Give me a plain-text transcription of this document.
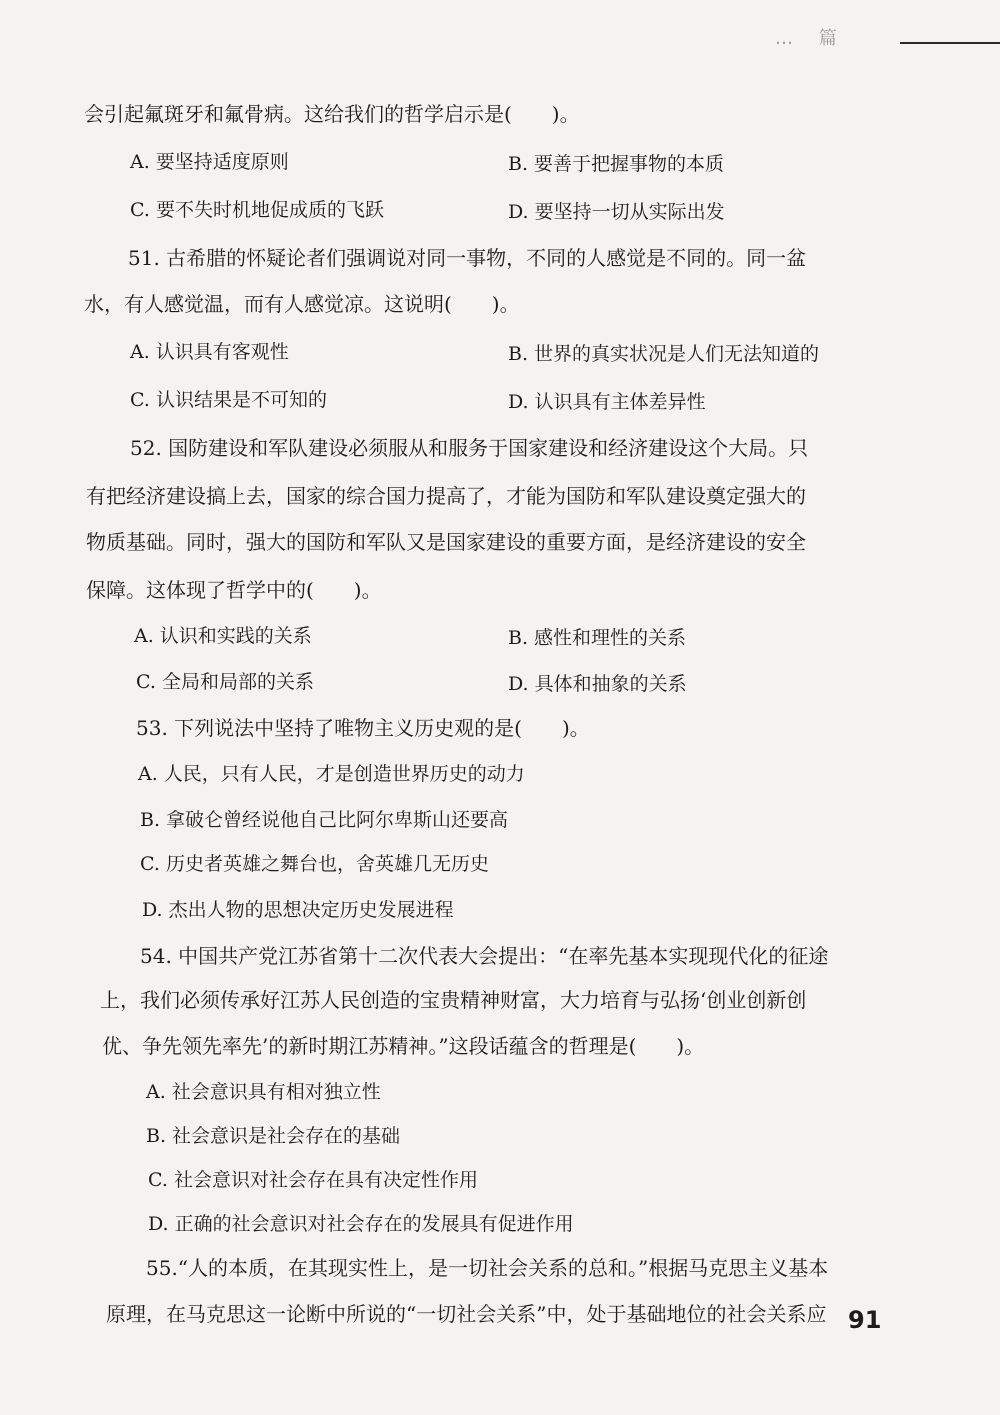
… 篇
会引起氟斑牙和氟骨病。这给我们的哲学启示是(　　)。
A. 要坚持适度原则	B. 要善于把握事物的本质
C. 要不失时机地促成质的飞跃	D. 要坚持一切从实际出发
51. 古希腊的怀疑论者们强调说对同一事物，不同的人感觉是不同的。同一盆
水，有人感觉温，而有人感觉凉。这说明(　　)。
A. 认识具有客观性	B. 世界的真实状况是人们无法知道的
C. 认识结果是不可知的	D. 认识具有主体差异性
52. 国防建设和军队建设必须服从和服务于国家建设和经济建设这个大局。只
有把经济建设搞上去，国家的综合国力提高了，才能为国防和军队建设奠定强大的
物质基础。同时，强大的国防和军队又是国家建设的重要方面，是经济建设的安全
保障。这体现了哲学中的(　　)。
A. 认识和实践的关系	B. 感性和理性的关系
C. 全局和局部的关系	D. 具体和抽象的关系
53. 下列说法中坚持了唯物主义历史观的是(　　)。
A. 人民，只有人民，才是创造世界历史的动力
B. 拿破仑曾经说他自己比阿尔卑斯山还要高
C. 历史者英雄之舞台也，舍英雄几无历史
D. 杰出人物的思想决定历史发展进程
54. 中国共产党江苏省第十二次代表大会提出：“在率先基本实现现代化的征途
上，我们必须传承好江苏人民创造的宝贵精神财富，大力培育与弘扬‘创业创新创
优、争先领先率先’的新时期江苏精神。”这段话蕴含的哲理是(　　)。
A. 社会意识具有相对独立性
B. 社会意识是社会存在的基础
C. 社会意识对社会存在具有决定性作用
D. 正确的社会意识对社会存在的发展具有促进作用
55.“人的本质，在其现实性上，是一切社会关系的总和。”根据马克思主义基本
原理，在马克思这一论断中所说的“一切社会关系”中，处于基础地位的社会关系应 91
